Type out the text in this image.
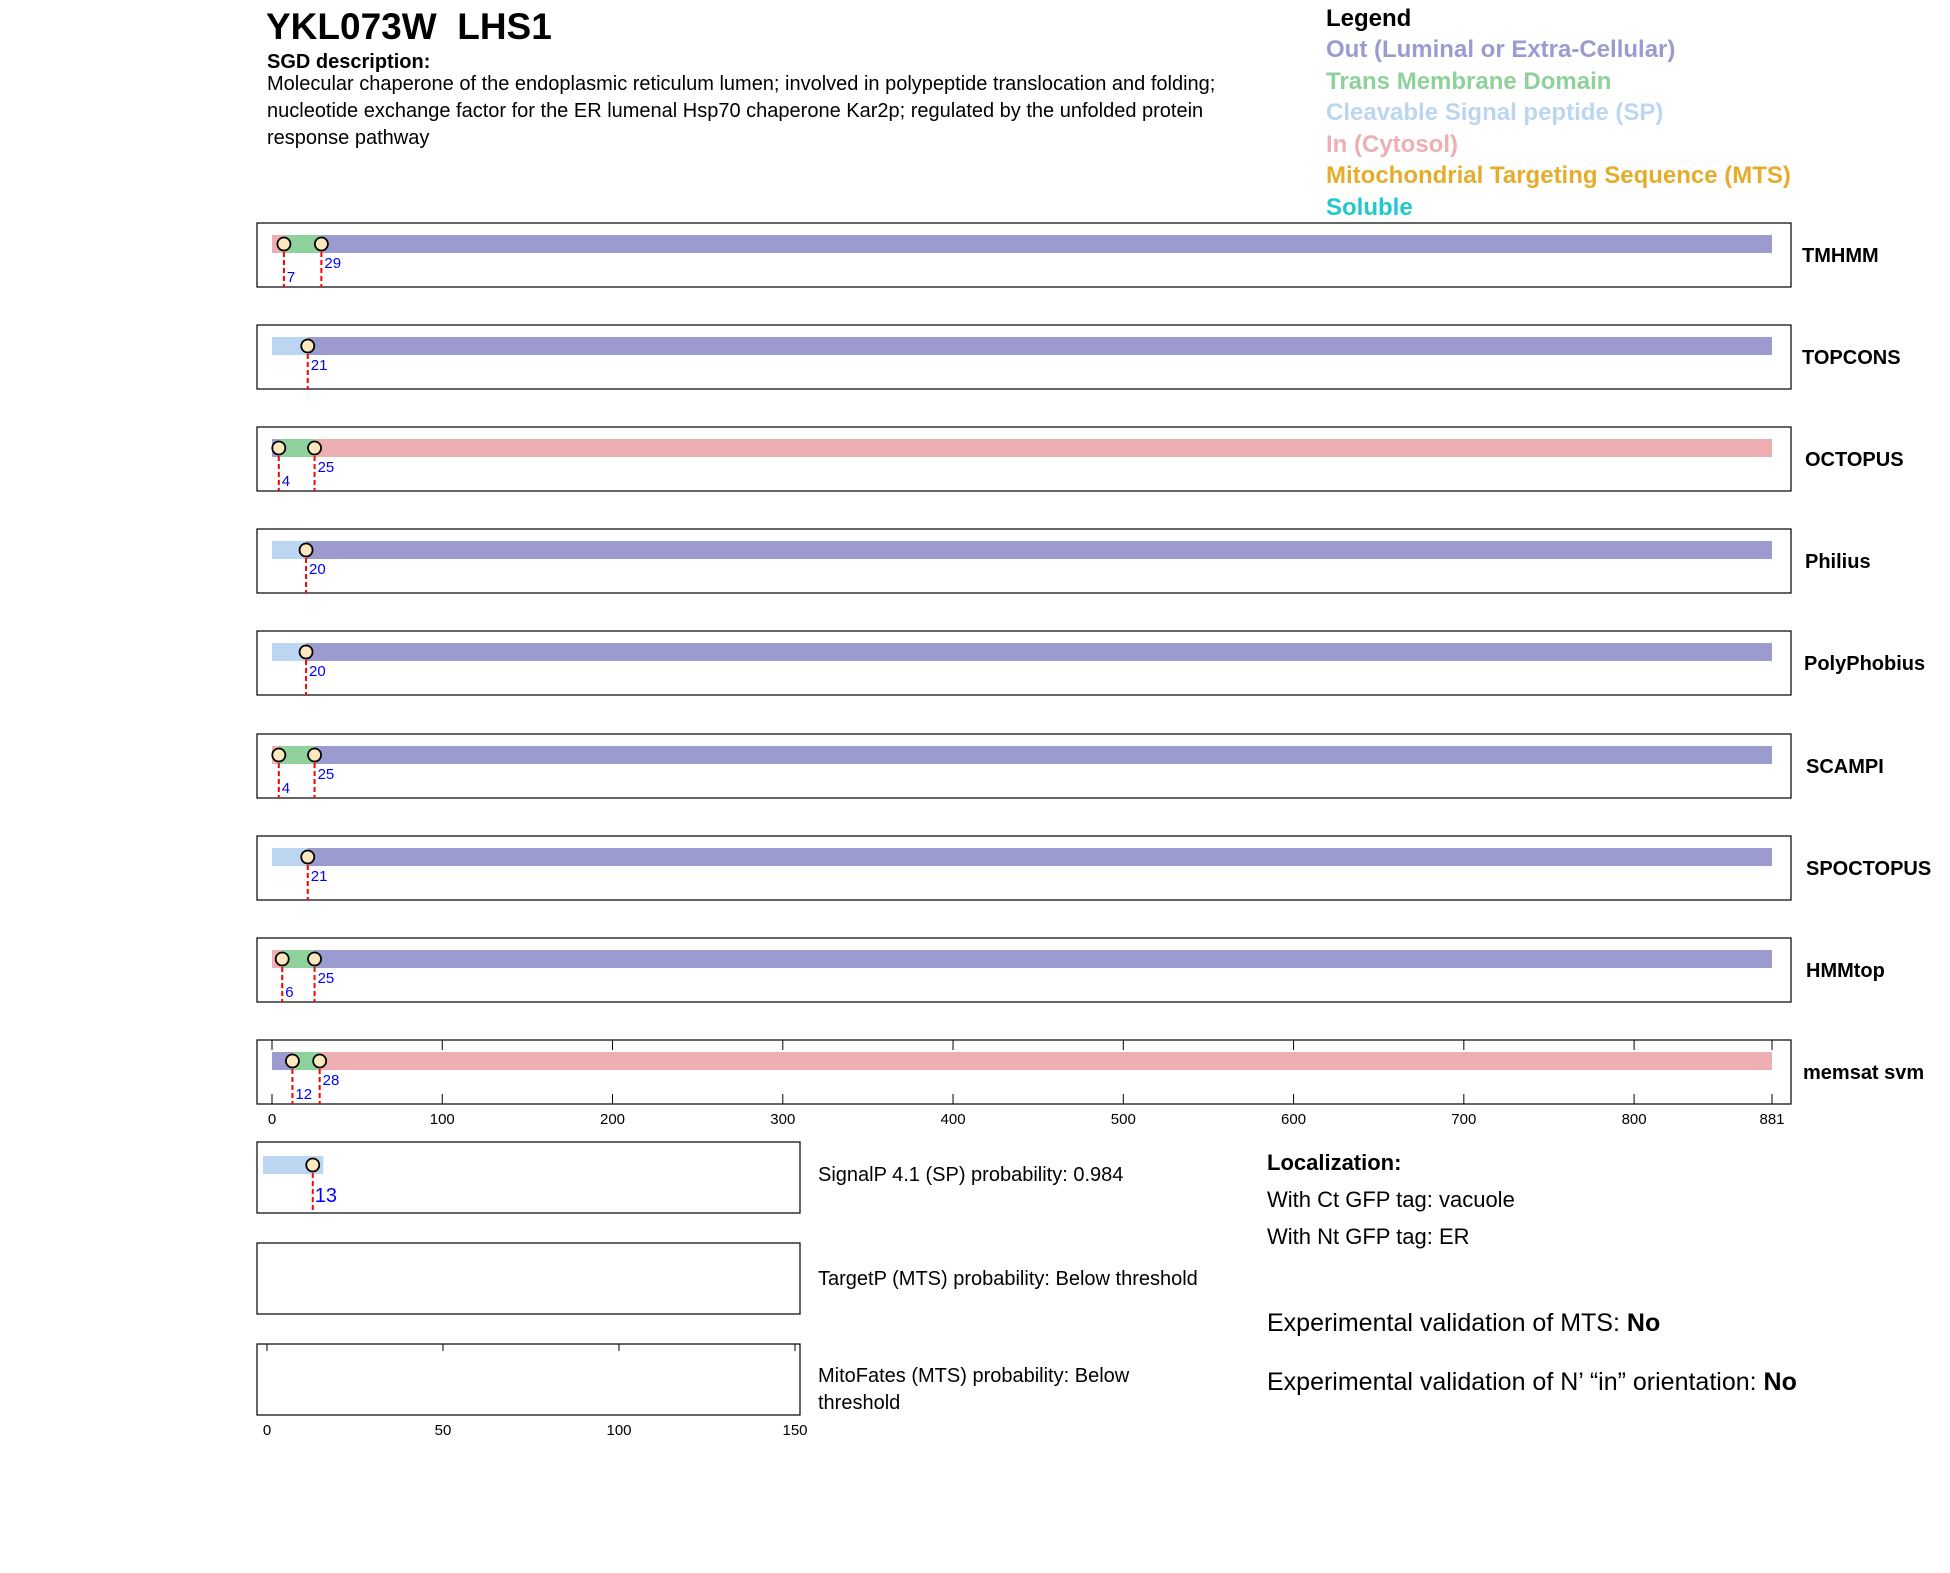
YKL073W  LHS1
SGD description:
Molecular chaperone of the endoplasmic reticulum lumen; involved in polypeptide translocation and folding; nucleotide exchange factor for the ER lumenal Hsp70 chaperone Kar2p; regulated by the unfolded protein response pathway
Legend
Out (Luminal or Extra-Cellular)
Trans Membrane Domain
Cleavable Signal peptide (SP)
In (Cytosol)
Mitochondrial Targeting Sequence (MTS)
Soluble
7
29	TMHMM
21	TOPCONS
4
25	OCTOPUS
20	Philius
20	PolyPhobius
4
25	SCAMPI
21	SPOCTOPUS
6
25	HMMtop
12
28	memsat svm
0	100	200	300	400	500	600	700	800	881
13
SignalP 4.1 (SP) probability: 0.984
TargetP (MTS) probability: Below threshold
MitoFates (MTS) probability: Below threshold
0	50	100	150
Localization:
With Ct GFP tag: vacuole
With Nt GFP tag: ER
Experimental validation of MTS: No
Experimental validation of N’ “in” orientation: No
